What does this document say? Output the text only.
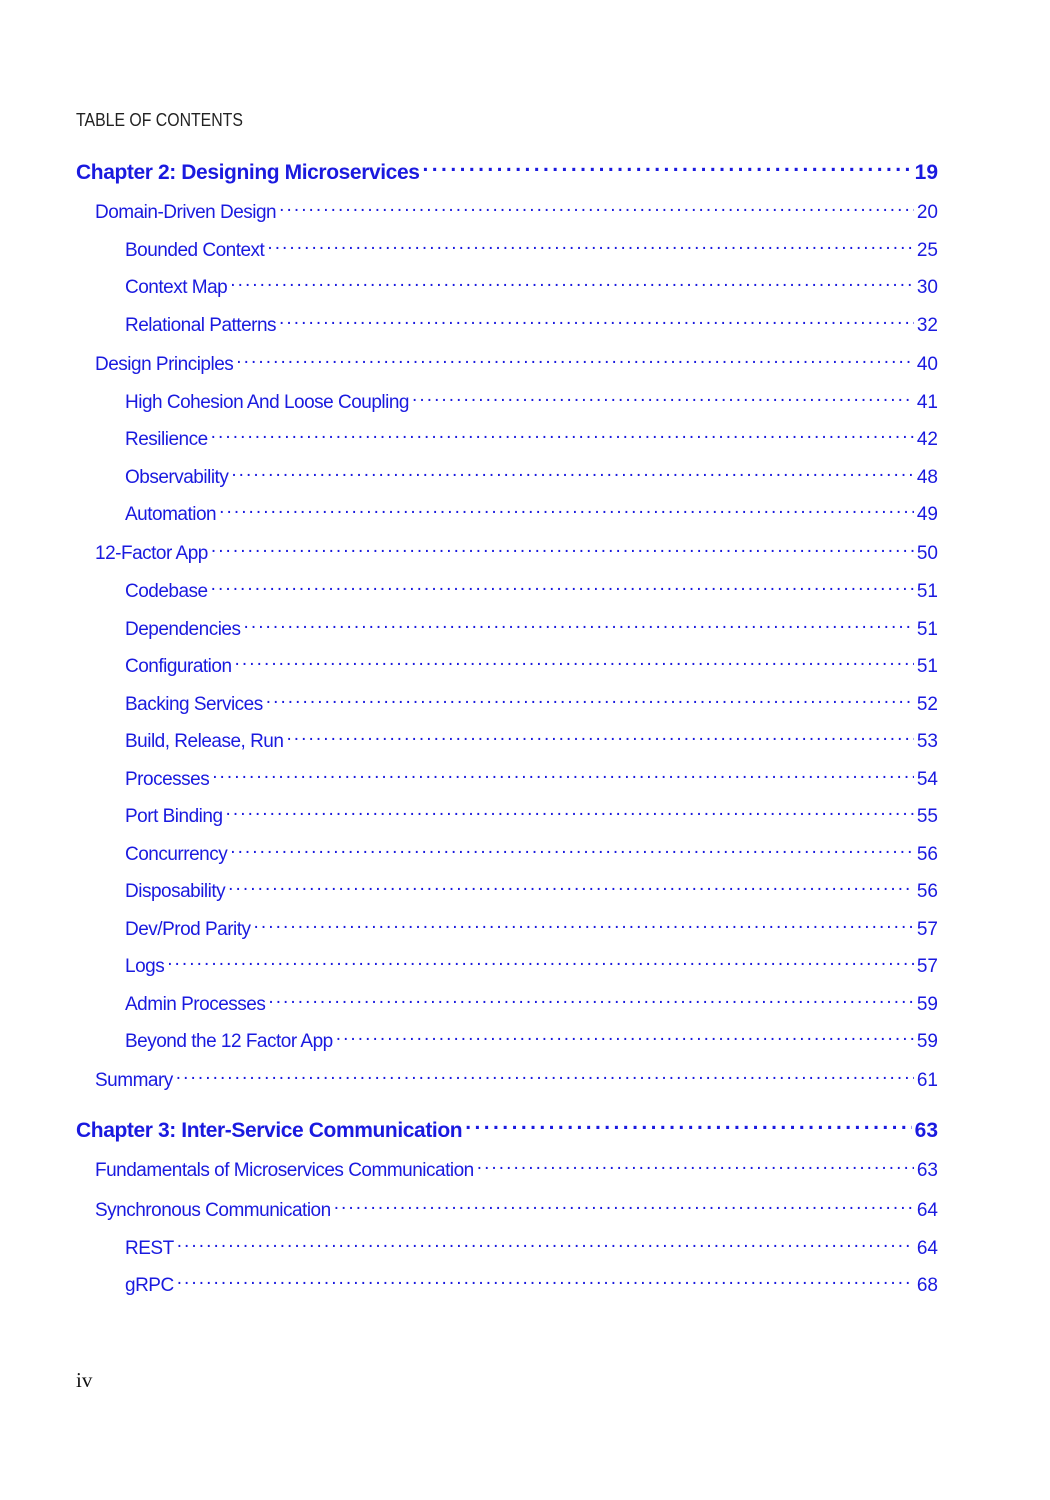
TABLE OF CONTENTS
Chapter 2: Designing Microservices . . .	19
Domain-Driven Design . . .	20
Bounded Context . . .	25
Context Map . . .	30
Relational Patterns . . .	32
Design Principles . . .	40
High Cohesion And Loose Coupling . . .	41
Resilience . . .	42
Observability . . .	48
Automation . . .	49
12-Factor App . . .	50
Codebase . . .	51
Dependencies . . .	51
Configuration . . .	51
Backing Services . . .	52
Build, Release, Run . . .	53
Processes . . .	54
Port Binding . . .	55
Concurrency . . .	56
Disposability . . .	56
Dev/Prod Parity . . .	57
Logs . . .	57
Admin Processes . . .	59
Beyond the 12 Factor App . . .	59
Summary . . .	61
Chapter 3: Inter-Service Communication . . .	63
Fundamentals of Microservices Communication . . .	63
Synchronous Communication . . .	64
REST . . .	64
gRPC . . .	68
iv
